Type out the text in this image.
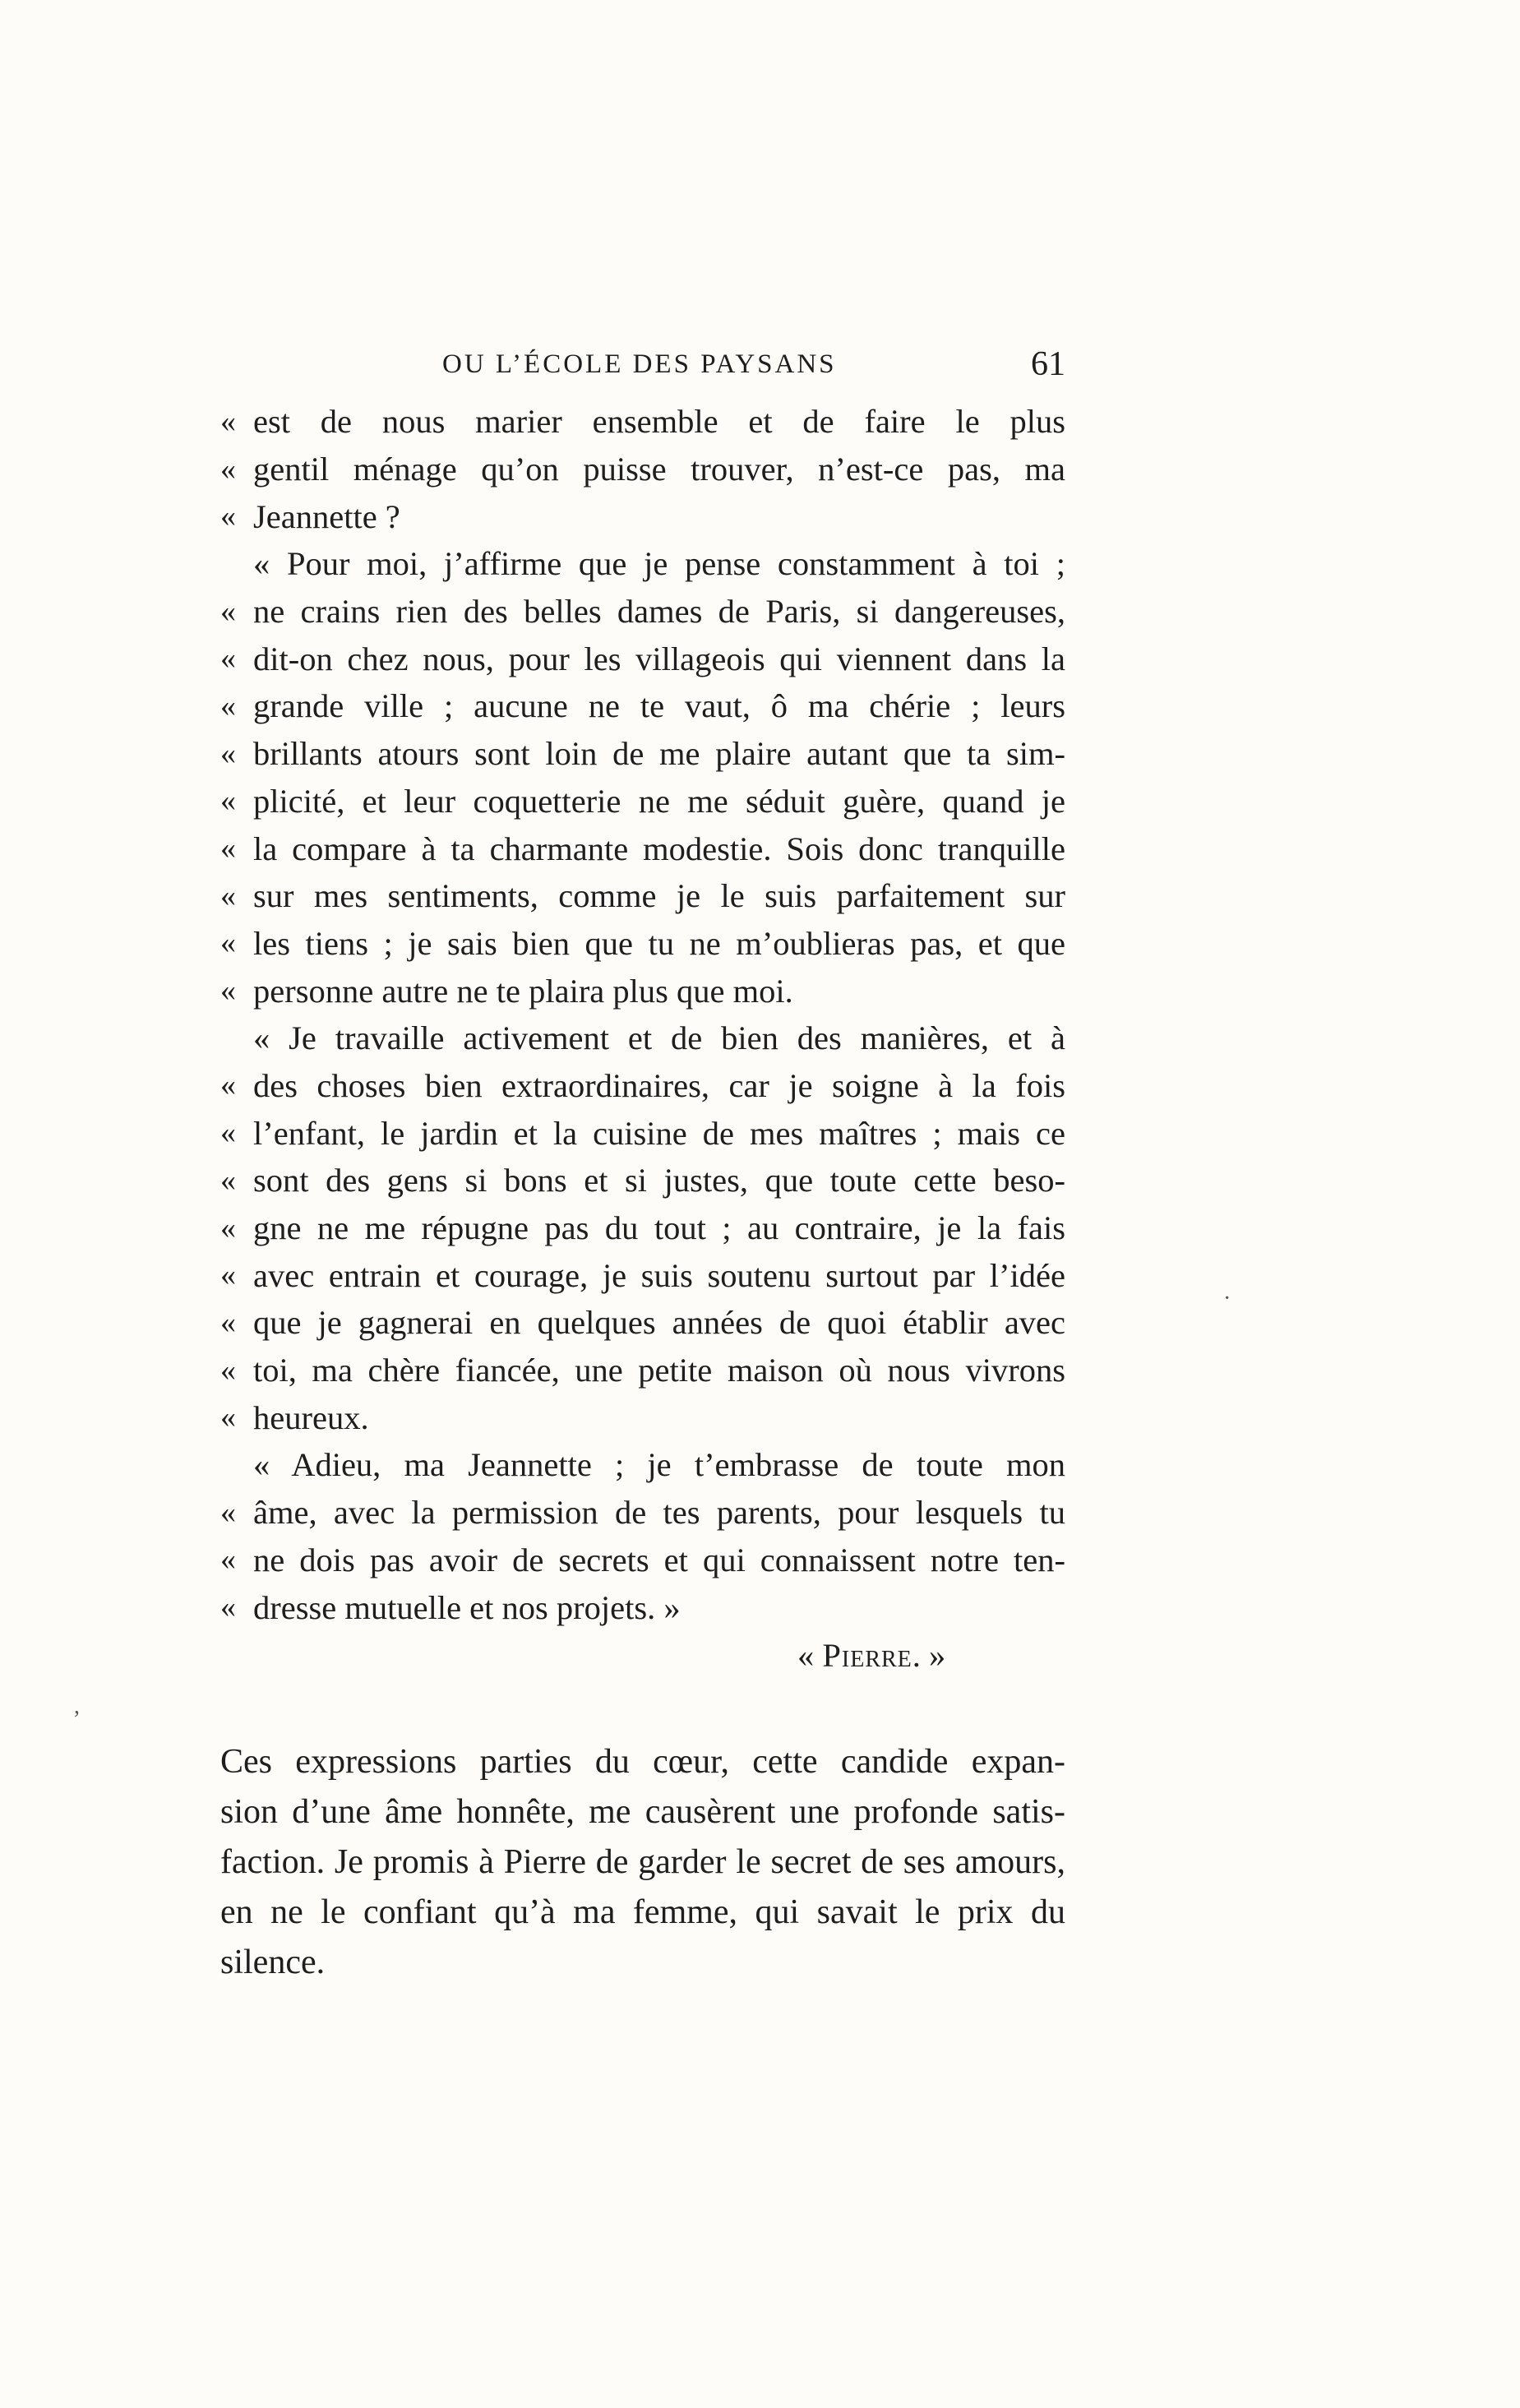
OU L’ÉCOLE DES PAYSANS	61
« est de nous marier ensemble et de faire le plus
« gentil ménage qu’on puisse trouver, n’est-ce pas, ma
« Jeannette ?
« Pour moi, j’affirme que je pense constamment à toi ;
« ne crains rien des belles dames de Paris, si dangereuses,
« dit-on chez nous, pour les villageois qui viennent dans la
« grande ville ; aucune ne te vaut, ô ma chérie ; leurs
« brillants atours sont loin de me plaire autant que ta sim-
« plicité, et leur coquetterie ne me séduit guère, quand je
« la compare à ta charmante modestie. Sois donc tranquille
« sur mes sentiments, comme je le suis parfaitement sur
« les tiens ; je sais bien que tu ne m’oublieras pas, et que
« personne autre ne te plaira plus que moi.
« Je travaille activement et de bien des manières, et à
« des choses bien extraordinaires, car je soigne à la fois
« l’enfant, le jardin et la cuisine de mes maîtres ; mais ce
« sont des gens si bons et si justes, que toute cette beso-
« gne ne me répugne pas du tout ; au contraire, je la fais
« avec entrain et courage, je suis soutenu surtout par l’idée
« que je gagnerai en quelques années de quoi établir avec
« toi, ma chère fiancée, une petite maison où nous vivrons
« heureux.
« Adieu, ma Jeannette ; je t’embrasse de toute mon
« âme, avec la permission de tes parents, pour lesquels tu
« ne dois pas avoir de secrets et qui connaissent notre ten-
« dresse mutuelle et nos projets. »
« Pierre. »
Ces expressions parties du cœur, cette candide expan-
sion d’une âme honnête, me causèrent une profonde satis-
faction. Je promis à Pierre de garder le secret de ses amours,
en ne le confiant qu’à ma femme, qui savait le prix du
silence.
,
·
